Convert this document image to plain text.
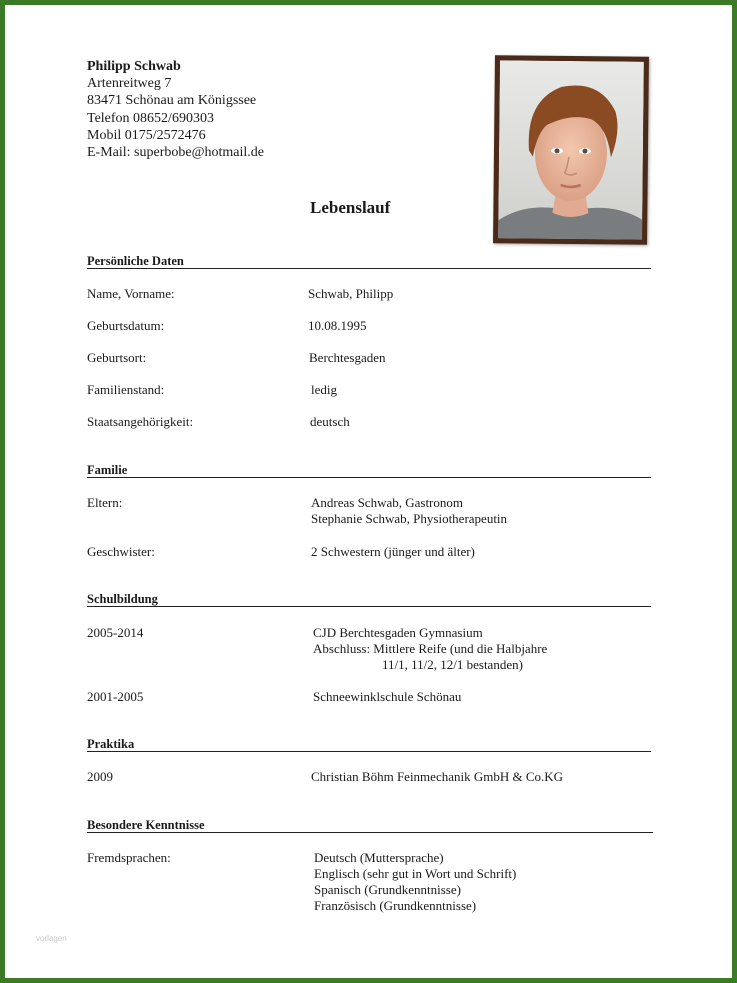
Philipp Schwab
Artenreitweg 7
83471 Schönau am Königssee
Telefon 08652/690303
Mobil 0175/2572476
E-Mail: superbobe@hotmail.de
Lebenslauf
Persönliche Daten
Name, Vorname:	Schwab, Philipp
Geburtsdatum:	10.08.1995
Geburtsort:	Berchtesgaden
Familienstand:	ledig
Staatsangehörigkeit:	deutsch
Familie
Eltern:	Andreas Schwab, Gastronom
Stephanie Schwab, Physiotherapeutin
Geschwister:	2 Schwestern (jünger und älter)
Schulbildung
2005-2014	CJD Berchtesgaden Gymnasium
Abschluss: Mittlere Reife (und die Halbjahre
11/1, 11/2, 12/1 bestanden)
2001-2005	Schneewinklschule Schönau
Praktika
2009	Christian Böhm Feinmechanik GmbH & Co.KG
Besondere Kenntnisse
Fremdsprachen:	Deutsch (Muttersprache)
Englisch (sehr gut in Wort und Schrift)
Spanisch (Grundkenntnisse)
Französisch (Grundkenntnisse)
vorlagen
